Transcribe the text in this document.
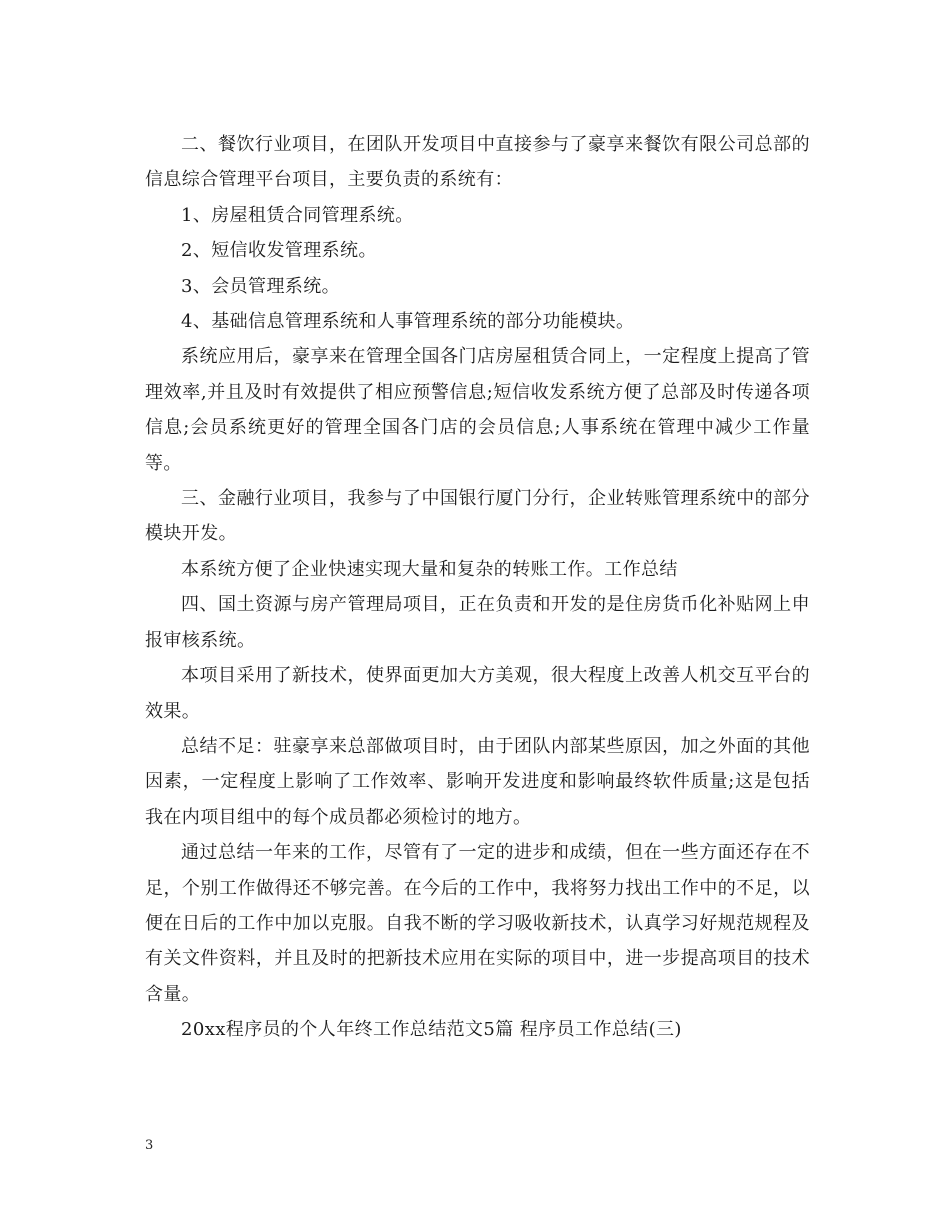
二、餐饮行业项目，在团队开发项目中直接参与了豪享来餐饮有限公司总部的信息综合管理平台项目，主要负责的系统有：

1、房屋租赁合同管理系统。

2、短信收发管理系统。

3、会员管理系统。

4、基础信息管理系统和人事管理系统的部分功能模块。

系统应用后，豪享来在管理全国各门店房屋租赁合同上，一定程度上提高了管理效率,并且及时有效提供了相应预警信息;短信收发系统方便了总部及时传递各项信息;会员系统更好的管理全国各门店的会员信息;人事系统在管理中减少工作量等。

三、金融行业项目，我参与了中国银行厦门分行，企业转账管理系统中的部分模块开发。

本系统方便了企业快速实现大量和复杂的转账工作。工作总结

四、国土资源与房产管理局项目，正在负责和开发的是住房货币化补贴网上申报审核系统。

本项目采用了新技术，使界面更加大方美观，很大程度上改善人机交互平台的效果。

总结不足：驻豪享来总部做项目时，由于团队内部某些原因，加之外面的其他因素，一定程度上影响了工作效率、影响开发进度和影响最终软件质量;这是包括我在内项目组中的每个成员都必须检讨的地方。

通过总结一年来的工作，尽管有了一定的进步和成绩，但在一些方面还存在不足，个别工作做得还不够完善。在今后的工作中，我将努力找出工作中的不足，以便在日后的工作中加以克服。自我不断的学习吸收新技术，认真学习好规范规程及有关文件资料，并且及时的把新技术应用在实际的项目中，进一步提高项目的技术含量。

20xx程序员的个人年终工作总结范文5篇 程序员工作总结(三)

3
